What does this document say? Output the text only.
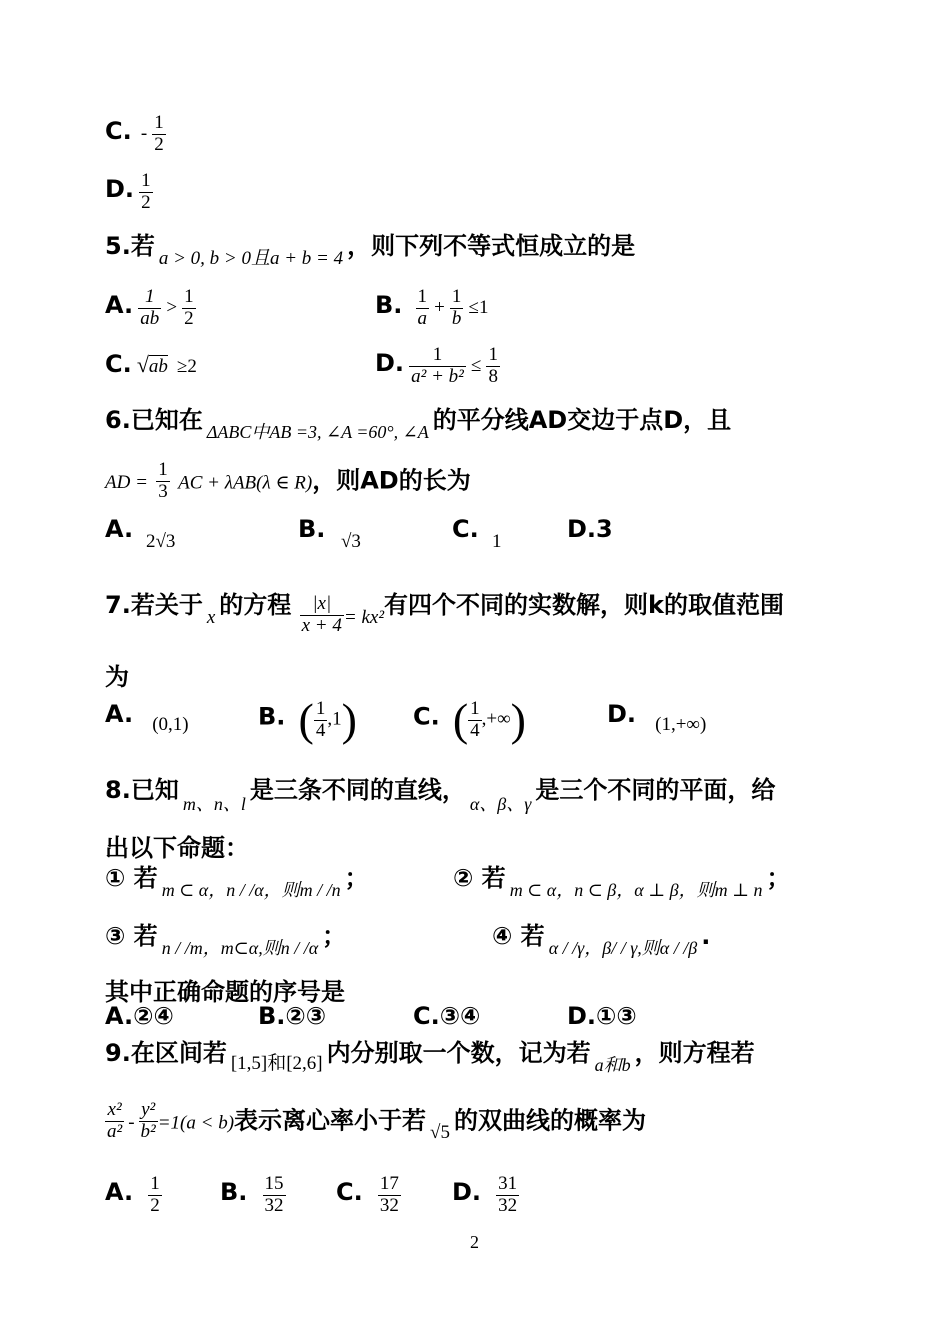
C. - $\frac{1}{2}$
D. $\frac{1}{2}$
5.若 $_{a > 0, b > 0且a + b = 4}$ ，则下列不等式恒成立的是
A. $\frac{1}{ab} > \frac{1}{2}$	B. $\frac{1}{a} + \frac{1}{b} \le 1$
C. √ab ≥2	D. $\frac{1}{\text{a² + b²}} \le \frac{1}{8}$
6.已知在 $_{\Delta ABC中AB =3, \angle A =60^\circ, \angle A}$ 的平分线AD交边于点D，且
AD = $\frac{1}{3}$ AC + λAB(λ ∈ R)，则AD的长为
A. 2√3	B. √3	C. 1	D.3
7.若关于 $_x$ 的方程 $\frac{|x|}{x + 4} _{= kx^2}$有四个不同的实数解，则k的取值范围
为
A. (0,1)	B. ( $\frac{1}{4} ,1$) C. ( $\frac{1}{4}$ ,+∞)	D. (1,+∞)
8.已知 $_{m、n、l}$ 是三条不同的直线， $_{\alpha、\beta、\gamma}$ 是三个不同的平面，给
出以下命题：
① 若 $_{m \subset \alpha,n / /\alpha,则m / /n}$ ；	② 若 $_{m \subset \alpha,n \subset \beta,\alpha \perp \beta,则m \perp n}$ ；
③ 若 $_{n / /m,m\subset\alpha,则n / /\alpha}$ ；	④ 若 $_{\alpha / /\gamma,\beta/ / \gamma,则\alpha / /\beta}$ .
其中正确命题的序号是
A.②④	B.②③	C.③④	D.①③
9.在区间若 $_{[1,5]和[2,6]}$ 内分别取一个数，记为若 $_{a和b}$ ，则方程若
$\frac{\text{x²}}{\text{a²}} - \frac{\text{y²}}{\text{b²}} =1(a < b)$表示离心率小于若 $_{√5}$ 的双曲线的概率为
A. $\frac{1}{2} B$. $\frac{15}{32} C$. $\frac{17}{32} D$. $\frac{31}{32}$
2
